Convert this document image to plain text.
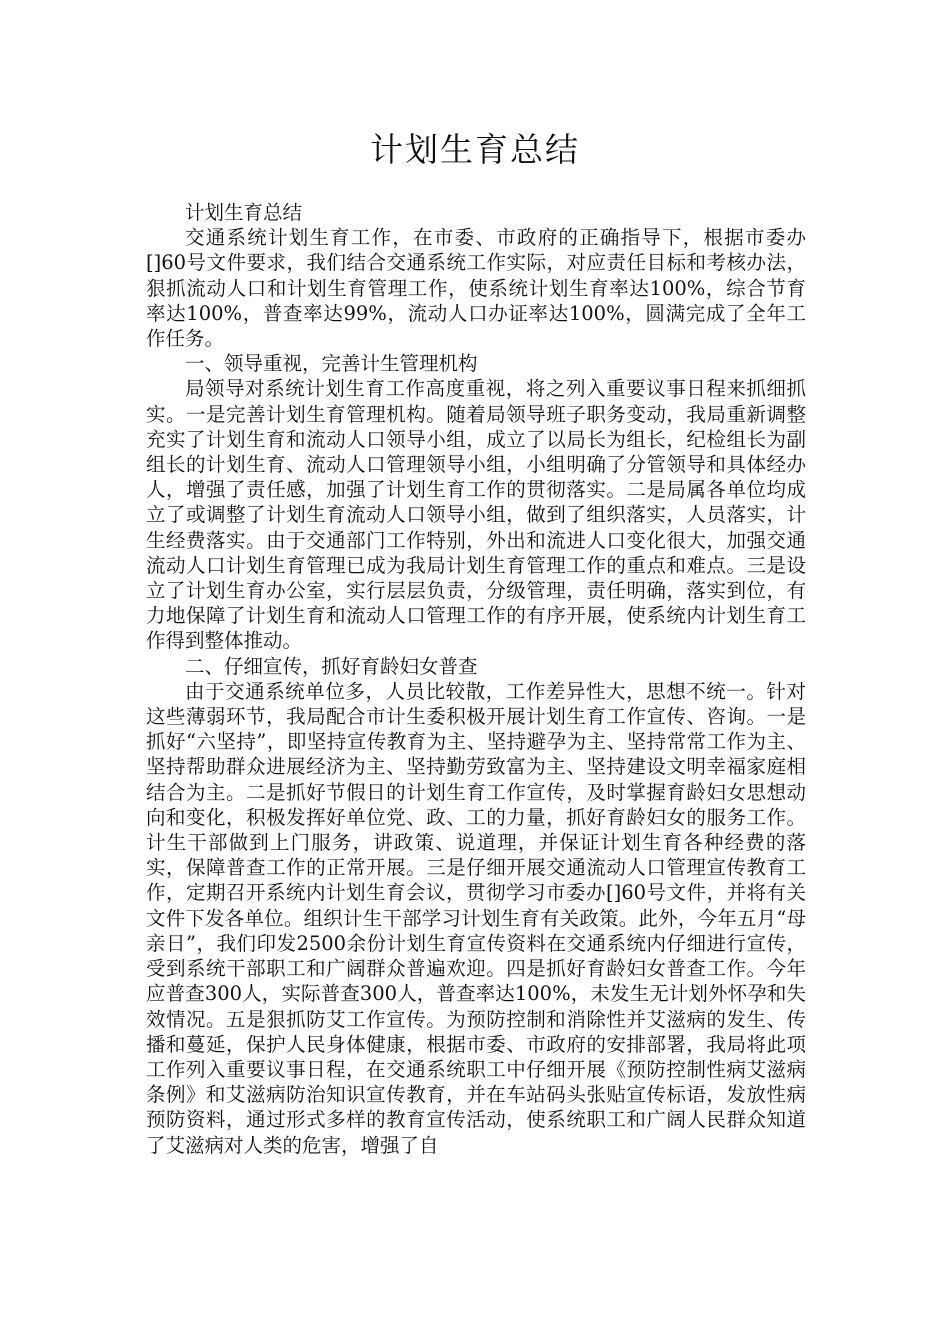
计划生育总结

计划生育总结

交通系统计划生育工作，在市委、市政府的正确指导下，根据市委办[]60号文件要求，我们结合交通系统工作实际，对应责任目标和考核办法，狠抓流动人口和计划生育管理工作，使系统计划生育率达100%，综合节育率达100%，普查率达99%，流动人口办证率达100%，圆满完成了全年工作任务。

一、领导重视，完善计生管理机构

局领导对系统计划生育工作高度重视，将之列入重要议事日程来抓细抓实。一是完善计划生育管理机构。随着局领导班子职务变动，我局重新调整充实了计划生育和流动人口领导小组，成立了以局长为组长，纪检组长为副组长的计划生育、流动人口管理领导小组，小组明确了分管领导和具体经办人，增强了责任感，加强了计划生育工作的贯彻落实。二是局属各单位均成立了或调整了计划生育流动人口领导小组，做到了组织落实，人员落实，计生经费落实。由于交通部门工作特别，外出和流进人口变化很大，加强交通流动人口计划生育管理已成为我局计划生育管理工作的重点和难点。三是设立了计划生育办公室，实行层层负责，分级管理，责任明确，落实到位，有力地保障了计划生育和流动人口管理工作的有序开展，使系统内计划生育工作得到整体推动。

二、仔细宣传，抓好育龄妇女普查

由于交通系统单位多，人员比较散，工作差异性大，思想不统一。针对这些薄弱环节，我局配合市计生委积极开展计划生育工作宣传、咨询。一是抓好“六坚持”，即坚持宣传教育为主、坚持避孕为主、坚持常常工作为主、坚持帮助群众进展经济为主、坚持勤劳致富为主、坚持建设文明幸福家庭相结合为主。二是抓好节假日的计划生育工作宣传，及时掌握育龄妇女思想动向和变化，积极发挥好单位党、政、工的力量，抓好育龄妇女的服务工作。计生干部做到上门服务，讲政策、说道理，并保证计划生育各种经费的落实，保障普查工作的正常开展。三是仔细开展交通流动人口管理宣传教育工作，定期召开系统内计划生育会议，贯彻学习市委办[]60号文件，并将有关文件下发各单位。组织计生干部学习计划生育有关政策。此外，今年五月“母亲日”，我们印发2500余份计划生育宣传资料在交通系统内仔细进行宣传，受到系统干部职工和广阔群众普遍欢迎。四是抓好育龄妇女普查工作。今年应普查300人，实际普查300人，普查率达100%，未发生无计划外怀孕和失效情况。五是狠抓防艾工作宣传。为预防控制和消除性并艾滋病的发生、传播和蔓延，保护人民身体健康，根据市委、市政府的安排部署，我局将此项工作列入重要议事日程，在交通系统职工中仔细开展《预防控制性病艾滋病条例》和艾滋病防治知识宣传教育，并在车站码头张贴宣传标语，发放性病预防资料，通过形式多样的教育宣传活动，使系统职工和广阔人民群众知道了艾滋病对人类的危害，增强了自
